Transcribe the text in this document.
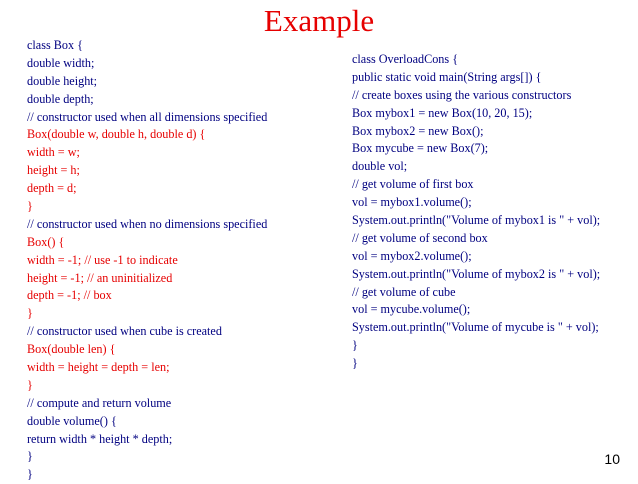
Example
class Box {
double width;
double height;
double depth;
// constructor used when all dimensions specified
Box(double w, double h, double d) {
width = w;
height = h;
depth = d;
}
// constructor used when no dimensions specified
Box() {
width = -1; // use -1 to indicate
height = -1; // an uninitialized
depth = -1; // box
}
// constructor used when cube is created
Box(double len) {
width = height = depth = len;
}
// compute and return volume
double volume() {
return width * height * depth;
}
}
class OverloadCons {
public static void main(String args[]) {
// create boxes using the various constructors
Box mybox1 = new Box(10, 20, 15);
Box mybox2 = new Box();
Box mycube = new Box(7);
double vol;
// get volume of first box
vol = mybox1.volume();
System.out.println("Volume of mybox1 is " + vol);
// get volume of second box
vol = mybox2.volume();
System.out.println("Volume of mybox2 is " + vol);
// get volume of cube
vol = mycube.volume();
System.out.println("Volume of mycube is " + vol);
}
}
10
